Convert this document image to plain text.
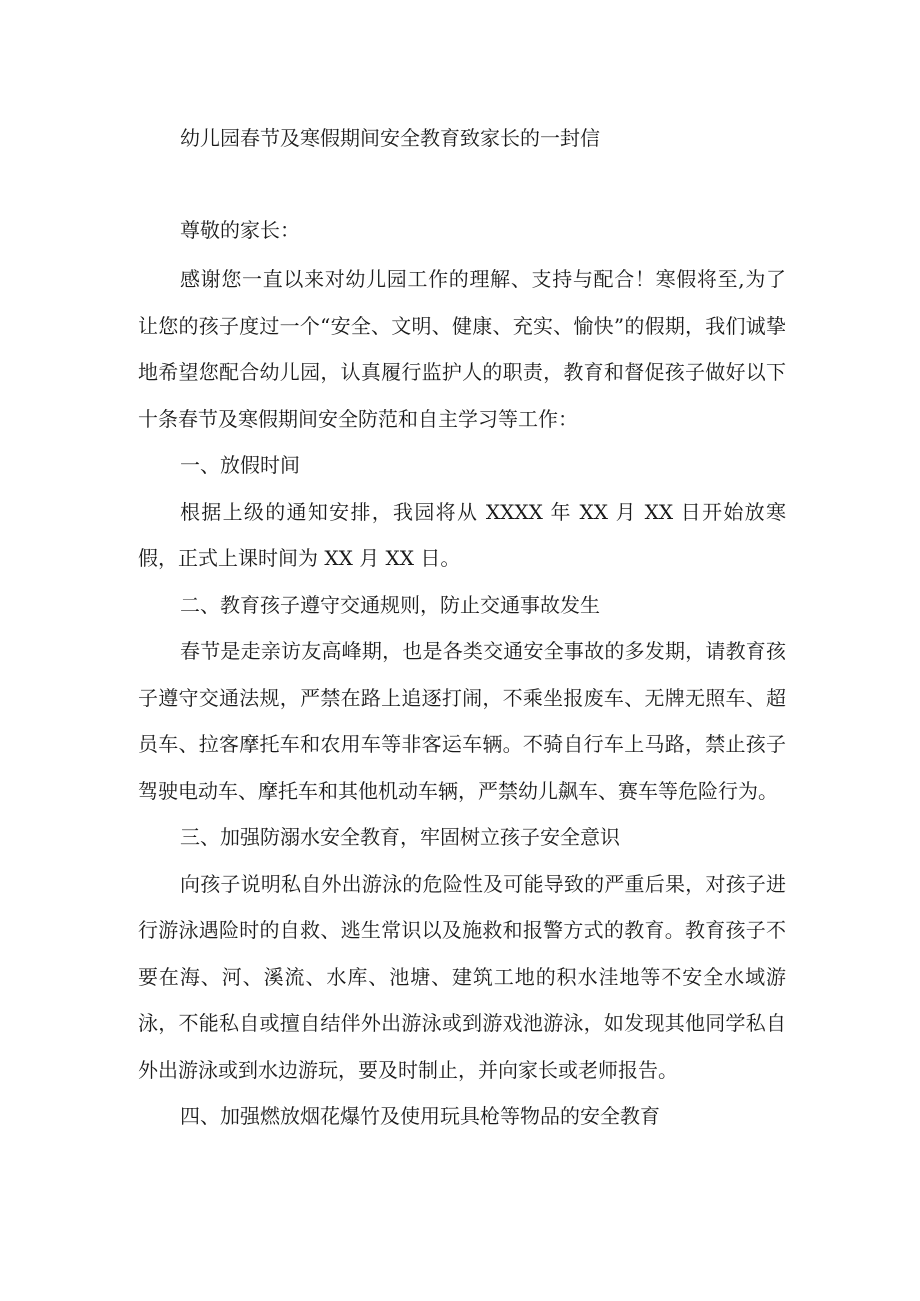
幼儿园春节及寒假期间安全教育致家长的一封信
尊敬的家长：

感谢您一直以来对幼儿园工作的理解、支持与配合！寒假将至,为了让您的孩子度过一个“安全、文明、健康、充实、愉快”的假期，我们诚挚地希望您配合幼儿园，认真履行监护人的职责，教育和督促孩子做好以下十条春节及寒假期间安全防范和自主学习等工作：

一、放假时间

根据上级的通知安排，我园将从 XXXX 年 XX 月 XX 日开始放寒假，正式上课时间为 XX 月 XX 日。

二、教育孩子遵守交通规则，防止交通事故发生

春节是走亲访友高峰期，也是各类交通安全事故的多发期，请教育孩子遵守交通法规，严禁在路上追逐打闹，不乘坐报废车、无牌无照车、超员车、拉客摩托车和农用车等非客运车辆。不骑自行车上马路，禁止孩子驾驶电动车、摩托车和其他机动车辆，严禁幼儿飙车、赛车等危险行为。

三、加强防溺水安全教育，牢固树立孩子安全意识

向孩子说明私自外出游泳的危险性及可能导致的严重后果，对孩子进行游泳遇险时的自救、逃生常识以及施救和报警方式的教育。教育孩子不要在海、河、溪流、水库、池塘、建筑工地的积水洼地等不安全水域游泳，不能私自或擅自结伴外出游泳或到游戏池游泳，如发现其他同学私自外出游泳或到水边游玩，要及时制止，并向家长或老师报告。

四、加强燃放烟花爆竹及使用玩具枪等物品的安全教育
